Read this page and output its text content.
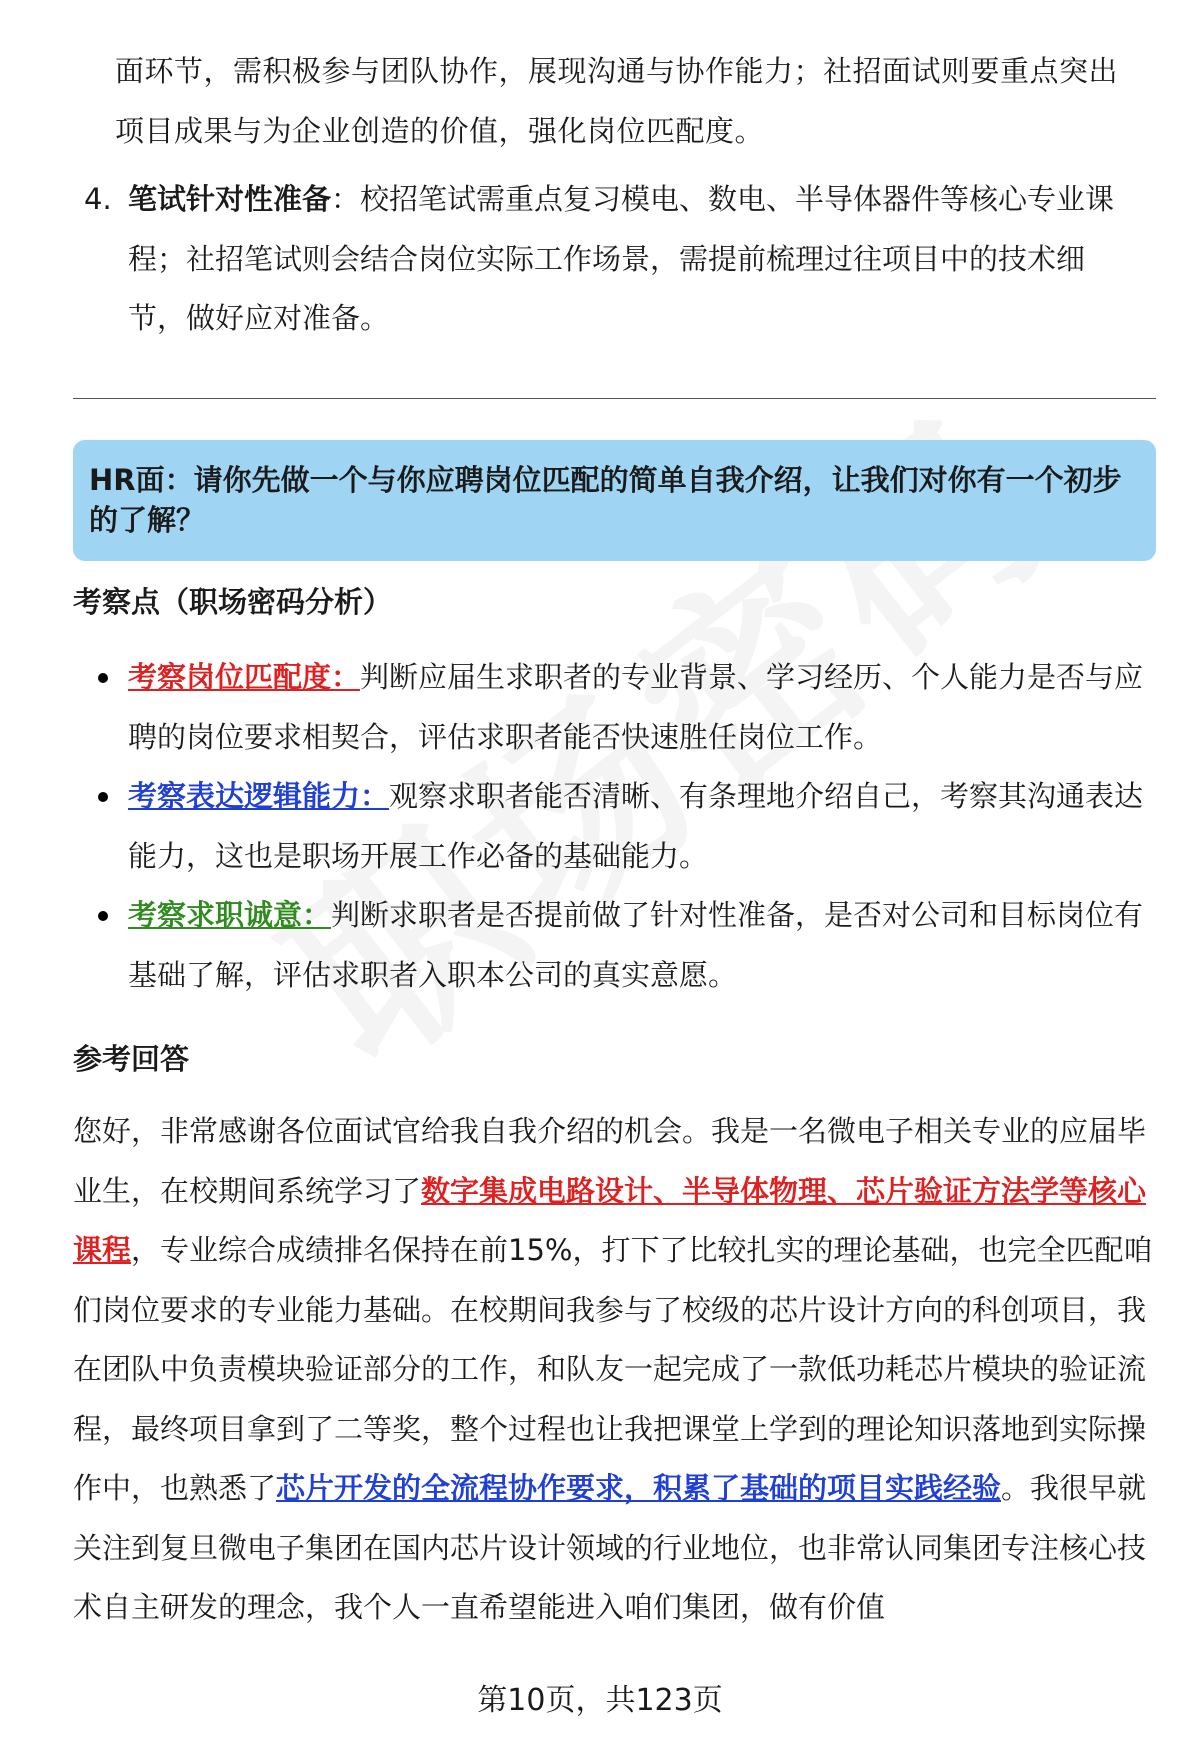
面环节，需积极参与团队协作，展现沟通与协作能力；社招面试则要重点突出
项目成果与为企业创造的价值，强化岗位匹配度。
4. 笔试针对性准备：校招笔试需重点复习模电、数电、半导体器件等核心专业课程；社招笔试则会结合岗位实际工作场景，需提前梳理过往项目中的技术细节，做好应对准备。
HR面：请你先做一个与你应聘岗位匹配的简单自我介绍，让我们对你有一个初步的了解？
考察点（职场密码分析）
考察岗位匹配度：判断应届生求职者的专业背景、学习经历、个人能力是否与应聘的岗位要求相契合，评估求职者能否快速胜任岗位工作。
考察表达逻辑能力：观察求职者能否清晰、有条理地介绍自己，考察其沟通表达能力，这也是职场开展工作必备的基础能力。
考察求职诚意：判断求职者是否提前做了针对性准备，是否对公司和目标岗位有基础了解，评估求职者入职本公司的真实意愿。
参考回答
您好，非常感谢各位面试官给我自我介绍的机会。我是一名微电子相关专业的应届毕业生，在校期间系统学习了数字集成电路设计、半导体物理、芯片验证方法学等核心课程，专业综合成绩排名保持在前15%，打下了比较扎实的理论基础，也完全匹配咱们岗位要求的专业能力基础。在校期间我参与了校级的芯片设计方向的科创项目，我在团队中负责模块验证部分的工作，和队友一起完成了一款低功耗芯片模块的验证流程，最终项目拿到了二等奖，整个过程也让我把课堂上学到的理论知识落地到实际操作中，也熟悉了芯片开发的全流程协作要求，积累了基础的项目实践经验。我很早就关注到复旦微电子集团在国内芯片设计领域的行业地位，也非常认同集团专注核心技术自主研发的理念，我个人一直希望能进入咱们集团，做有价值
第10页，共123页
